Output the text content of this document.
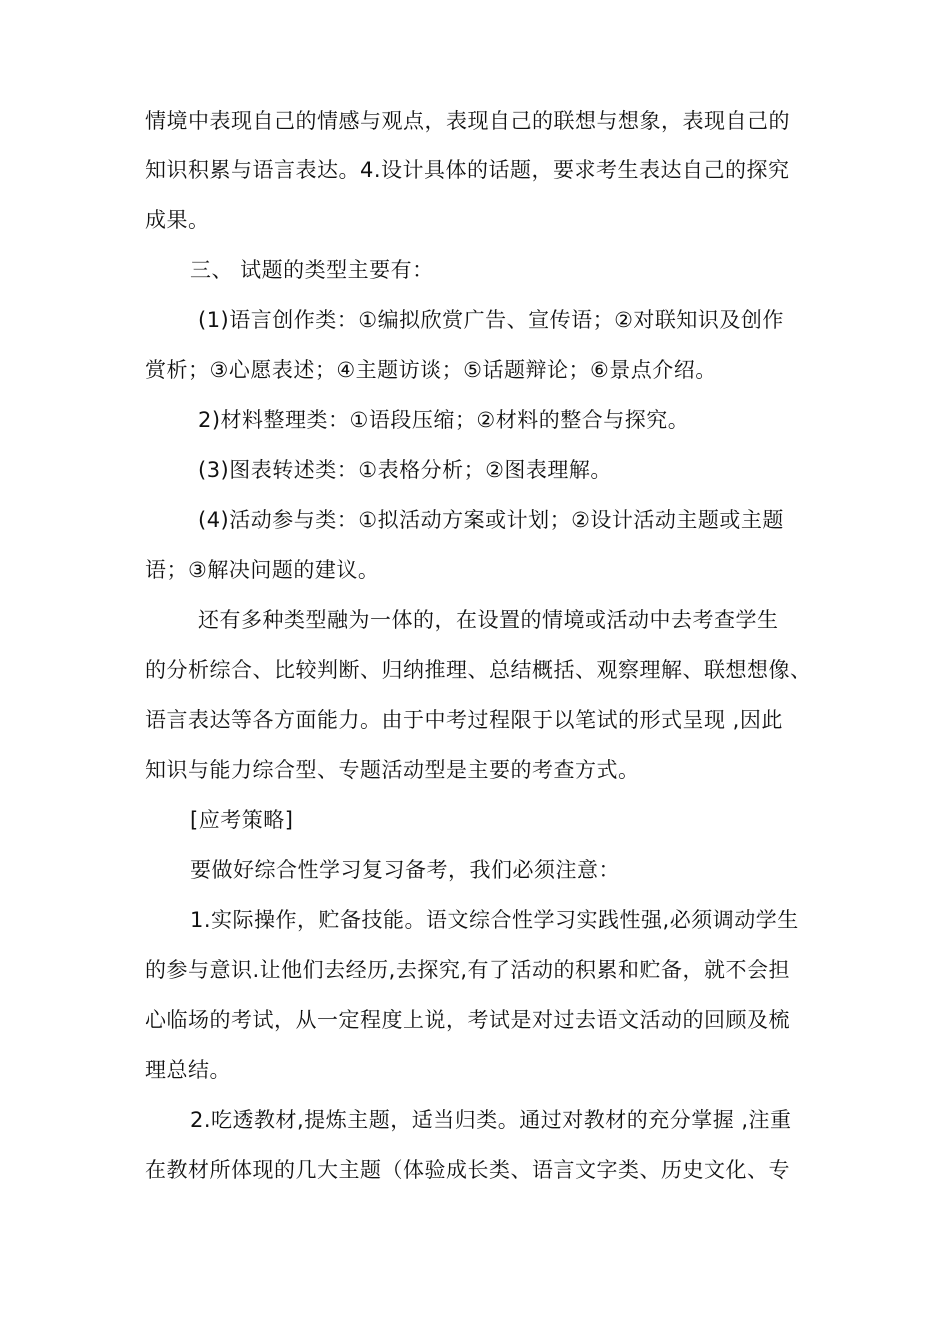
情境中表现自己的情感与观点，表现自己的联想与想象，表现自己的
知识积累与语言表达。4.设计具体的话题，要求考生表达自己的探究
成果。
三、 试题的类型主要有：
(1)语言创作类：①编拟欣赏广告、宣传语；②对联知识及创作
赏析；③心愿表述；④主题访谈；⑤话题辩论；⑥景点介绍。
2)材料整理类：①语段压缩；②材料的整合与探究。
(3)图表转述类：①表格分析；②图表理解。
(4)活动参与类：①拟活动方案或计划；②设计活动主题或主题
语；③解决问题的建议。
还有多种类型融为一体的，在设置的情境或活动中去考查学生
的分析综合、比较判断、归纳推理、总结概括、观察理解、联想想像、
语言表达等各方面能力。由于中考过程限于以笔试的形式呈现 ,因此
知识与能力综合型、专题活动型是主要的考查方式。
[应考策略]
要做好综合性学习复习备考，我们必须注意：
1.实际操作，贮备技能。语文综合性学习实践性强,必须调动学生
的参与意识.让他们去经历,去探究,有了活动的积累和贮备，就不会担
心临场的考试，从一定程度上说，考试是对过去语文活动的回顾及梳
理总结。
2.吃透教材,提炼主题，适当归类。通过对教材的充分掌握 ,注重
在教材所体现的几大主题（体验成长类、语言文字类、历史文化、专
